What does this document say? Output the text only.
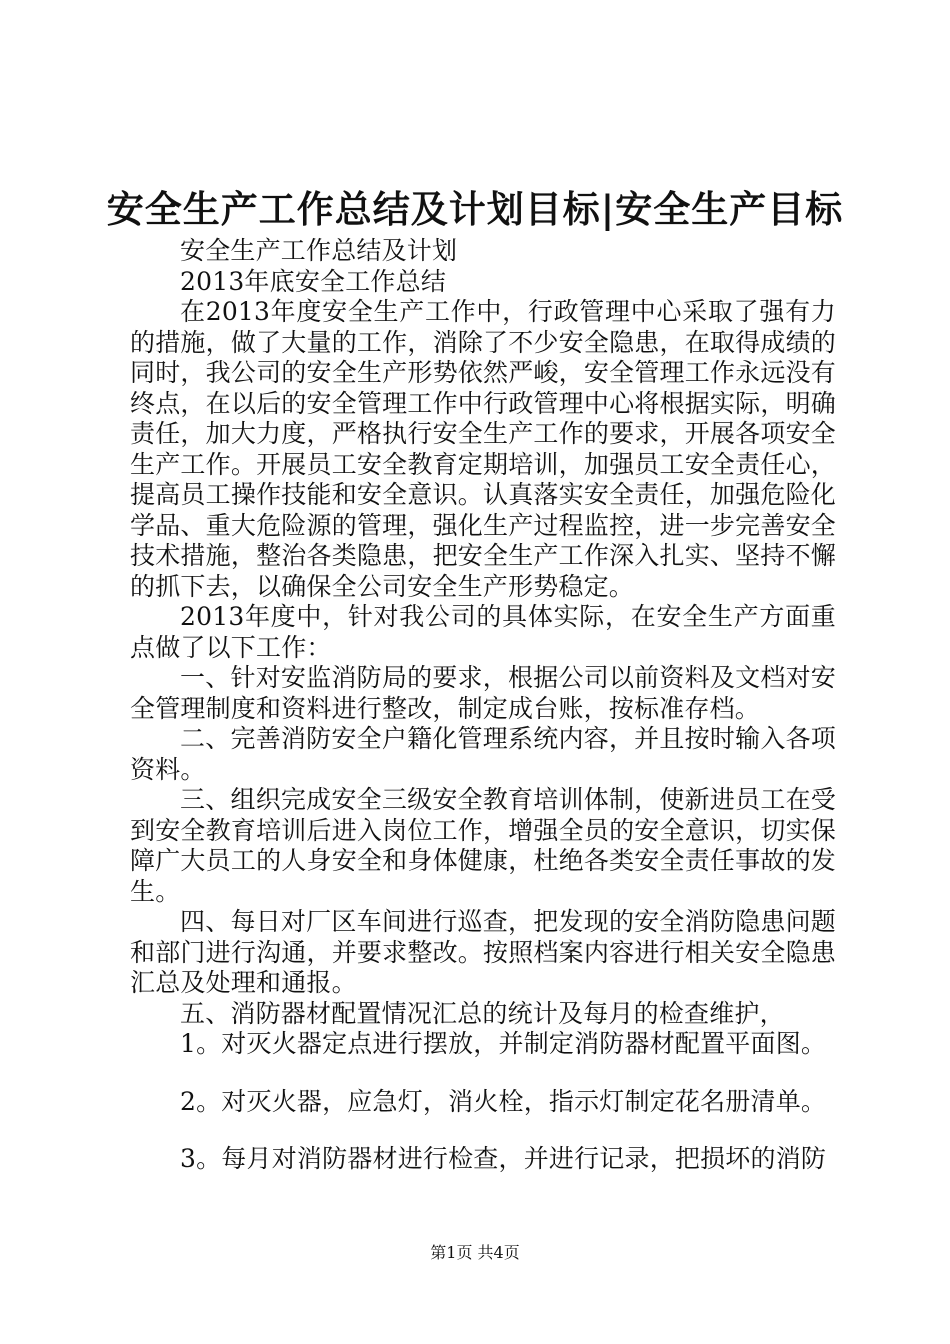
安全生产工作总结及计划目标|安全生产目标

安全生产工作总结及计划

2013年底安全工作总结

在2013年度安全生产工作中，行政管理中心采取了强有力的措施，做了大量的工作，消除了不少安全隐患，在取得成绩的同时，我公司的安全生产形势依然严峻，安全管理工作永远没有终点，在以后的安全管理工作中行政管理中心将根据实际，明确责任，加大力度，严格执行安全生产工作的要求，开展各项安全生产工作。开展员工安全教育定期培训，加强员工安全责任心，提高员工操作技能和安全意识。认真落实安全责任，加强危险化学品、重大危险源的管理，强化生产过程监控，进一步完善安全技术措施，整治各类隐患，把安全生产工作深入扎实、坚持不懈的抓下去，以确保全公司安全生产形势稳定。

2013年度中，针对我公司的具体实际，在安全生产方面重点做了以下工作：

一、针对安监消防局的要求，根据公司以前资料及文档对安全管理制度和资料进行整改，制定成台账，按标准存档。

二、完善消防安全户籍化管理系统内容，并且按时输入各项资料。

三、组织完成安全三级安全教育培训体制，使新进员工在受到安全教育培训后进入岗位工作，增强全员的安全意识，切实保障广大员工的人身安全和身体健康，杜绝各类安全责任事故的发生。

四、每日对厂区车间进行巡查，把发现的安全消防隐患问题和部门进行沟通，并要求整改。按照档案内容进行相关安全隐患汇总及处理和通报。

五、消防器材配置情况汇总的统计及每月的检查维护，

1。对灭火器定点进行摆放，并制定消防器材配置平面图。

2。对灭火器，应急灯，消火栓，指示灯制定花名册清单。

3。每月对消防器材进行检查，并进行记录，把损坏的消防

第1页 共4页
